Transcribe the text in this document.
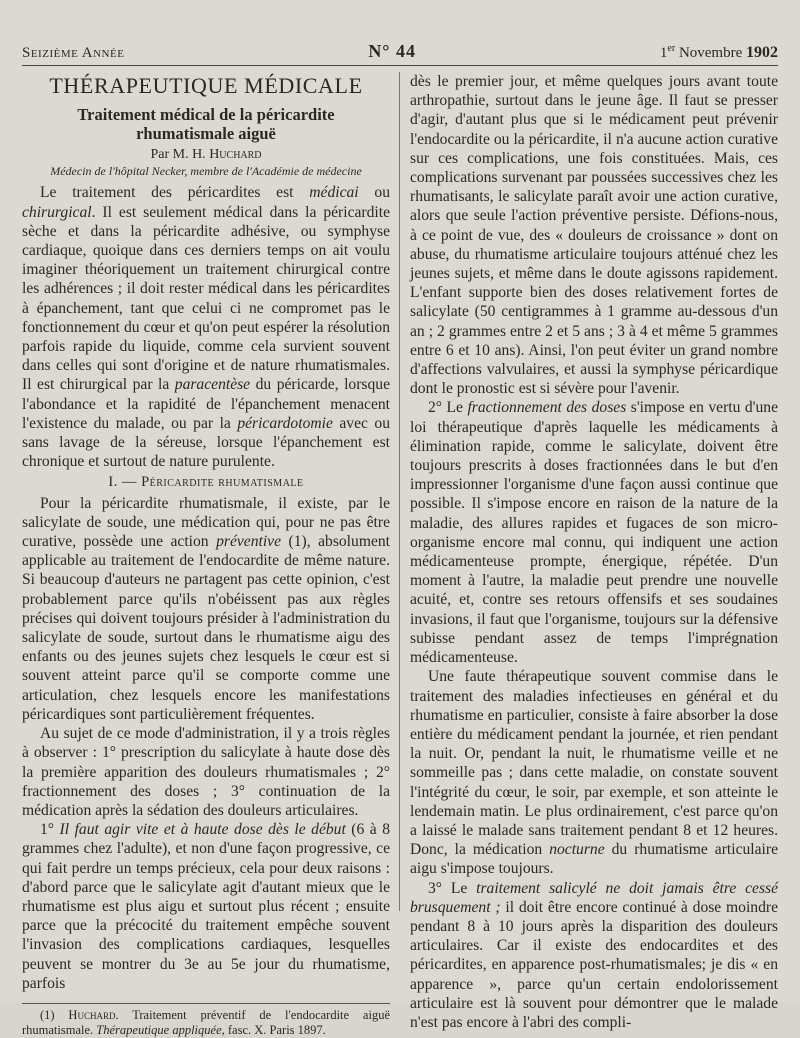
Seizième Année	N° 44	1er Novembre 1902
THÉRAPEUTIQUE MÉDICALE
Traitement médical de la péricardite
rhumatismale aiguë
Par M. H. Huchard
Médecin de l'hôpital Necker, membre de l'Académie de médecine

Le traitement des péricardites est médicai ou chirurgical. Il est seulement médical dans la péricardite sèche et dans la péricardite adhésive, ou symphyse cardiaque, quoique dans ces derniers temps on ait voulu imaginer théoriquement un traitement chirurgical contre les adhérences ; il doit rester médical dans les péricardites à épanchement, tant que celui ci ne compromet pas le fonctionnement du cœur et qu'on peut espérer la résolution parfois rapide du liquide, comme cela survient souvent dans celles qui sont d'origine et de nature rhumatismales. Il est chirurgical par la paracentèse du péricarde, lorsque l'abondance et la rapidité de l'épanchement menacent l'existence du malade, ou par la péricardotomie avec ou sans lavage de la séreuse, lorsque l'épanchement est chronique et surtout de nature purulente.

I. — Péricardite rhumatismale

Pour la péricardite rhumatismale, il existe, par le salicylate de soude, une médication qui, pour ne pas être curative, possède une action préventive (1), absolument applicable au traitement de l'endocardite de même nature. Si beaucoup d'auteurs ne partagent pas cette opinion, c'est probablement parce qu'ils n'obéissent pas aux règles précises qui doivent toujours présider à l'administration du salicylate de soude, surtout dans le rhumatisme aigu des enfants ou des jeunes sujets chez lesquels le cœur est si souvent atteint parce qu'il se comporte comme une articulation, chez lesquels encore les manifestations péricardiques sont particulièrement fréquentes.

Au sujet de ce mode d'administration, il y a trois règles à observer : 1° prescription du salicylate à haute dose dès la première apparition des douleurs rhumatismales ; 2° fractionnement des doses ; 3° continuation de la médication après la sédation des douleurs articulaires.

1° Il faut agir vite et à haute dose dès le début (6 à 8 grammes chez l'adulte), et non d'une façon progressive, ce qui fait perdre un temps précieux, cela pour deux raisons : d'abord parce que le salicylate agit d'autant mieux que le rhumatisme est plus aigu et surtout plus récent ; ensuite parce que la précocité du traitement empêche souvent l'invasion des complications cardiaques, lesquelles peuvent se montrer du 3e au 5e jour du rhumatisme, parfois

(1) Huchard. Traitement préventif de l'endocardite aiguë rhumatismale. Thérapeutique appliquée, fasc. X. Paris 1897.

dès le premier jour, et même quelques jours avant toute arthropathie, surtout dans le jeune âge. Il faut se presser d'agir, d'autant plus que si le médicament peut prévenir l'endocardite ou la péricardite, il n'a aucune action curative sur ces complications, une fois constituées. Mais, ces complications survenant par poussées successives chez les rhumatisants, le salicylate paraît avoir une action curative, alors que seule l'action préventive persiste. Défions-nous, à ce point de vue, des « douleurs de croissance » dont on abuse, du rhumatisme articulaire toujours atténué chez les jeunes sujets, et même dans le doute agissons rapidement. L'enfant supporte bien des doses relativement fortes de salicylate (50 centigrammes à 1 gramme au-dessous d'un an ; 2 grammes entre 2 et 5 ans ; 3 à 4 et même 5 grammes entre 6 et 10 ans). Ainsi, l'on peut éviter un grand nombre d'affections valvulaires, et aussi la symphyse péricardique dont le pronostic est si sévère pour l'avenir.

2° Le fractionnement des doses s'impose en vertu d'une loi thérapeutique d'après laquelle les médicaments à élimination rapide, comme le salicylate, doivent être toujours prescrits à doses fractionnées dans le but d'en impressionner l'organisme d'une façon aussi continue que possible. Il s'impose encore en raison de la nature de la maladie, des allures rapides et fugaces de son micro-organisme encore mal connu, qui indiquent une action médicamenteuse prompte, énergique, répétée. D'un moment à l'autre, la maladie peut prendre une nouvelle acuité, et, contre ses retours offensifs et ses soudaines invasions, il faut que l'organisme, toujours sur la défensive subisse pendant assez de temps l'imprégnation médicamenteuse.

Une faute thérapeutique souvent commise dans le traitement des maladies infectieuses en général et du rhumatisme en particulier, consiste à faire absorber la dose entière du médicament pendant la journée, et rien pendant la nuit. Or, pendant la nuit, le rhumatisme veille et ne sommeille pas ; dans cette maladie, on constate souvent l'intégrité du cœur, le soir, par exemple, et son atteinte le lendemain matin. Le plus ordinairement, c'est parce qu'on a laissé le malade sans traitement pendant 8 et 12 heures. Donc, la médication nocturne du rhumatisme articulaire aigu s'impose toujours.

3° Le traitement salicylé ne doit jamais être cessé brusquement ; il doit être encore continué à dose moindre pendant 8 à 10 jours après la disparition des douleurs articulaires. Car il existe des endocardites et des péricardites, en apparence post-rhumatismales; je dis « en apparence », parce qu'un certain endolorissement articulaire est là souvent pour démontrer que le malade n'est pas encore à l'abri des compli-
